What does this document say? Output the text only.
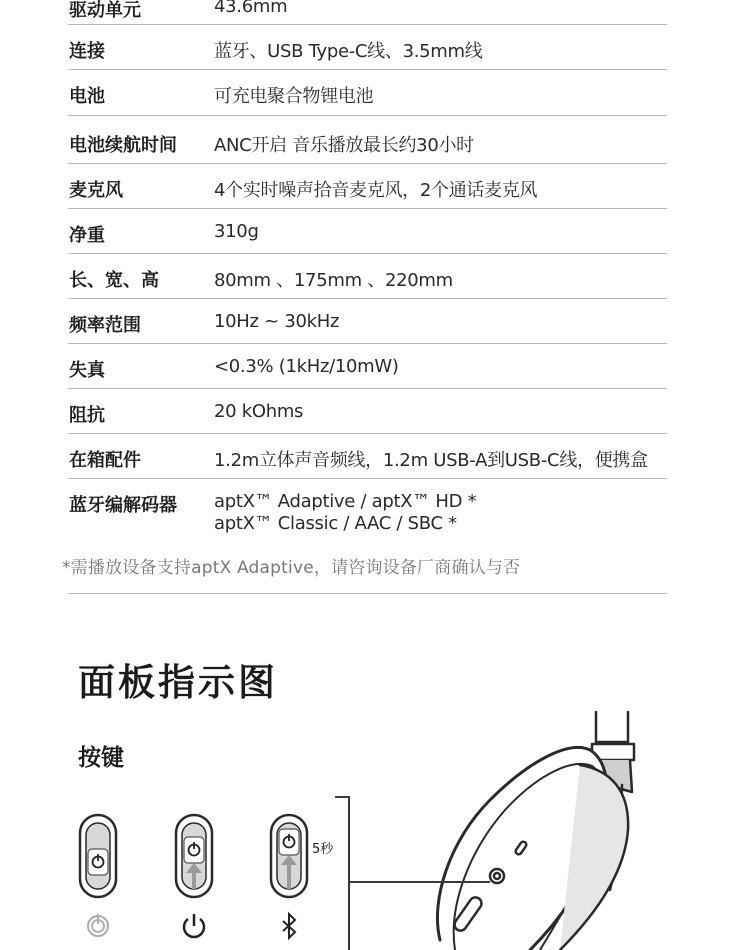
驱动单元	43.6mm
连接	蓝牙、USB Type-C线、3.5mm线
电池	可充电聚合物锂电池
电池续航时间 ANC开启 音乐播放最长约30小时
麦克风	4个实时噪声拾音麦克风，2个通话麦克风
净重	310g
长、宽、高	80mm 、175mm 、220mm
频率范围	10Hz ~ 30kHz
失真	<0.3% (1kHz/10mW)
阻抗	20 kOhms
在箱配件	1.2m立体声音频线，1.2m USB-A到USB-C线，便携盒
蓝牙编解码器 aptX™ Adaptive / aptX™ HD *
aptX™ Classic / AAC / SBC *
*需播放设备支持aptX Adaptive，请咨询设备厂商确认与否
面板指示图
按键
5秒
